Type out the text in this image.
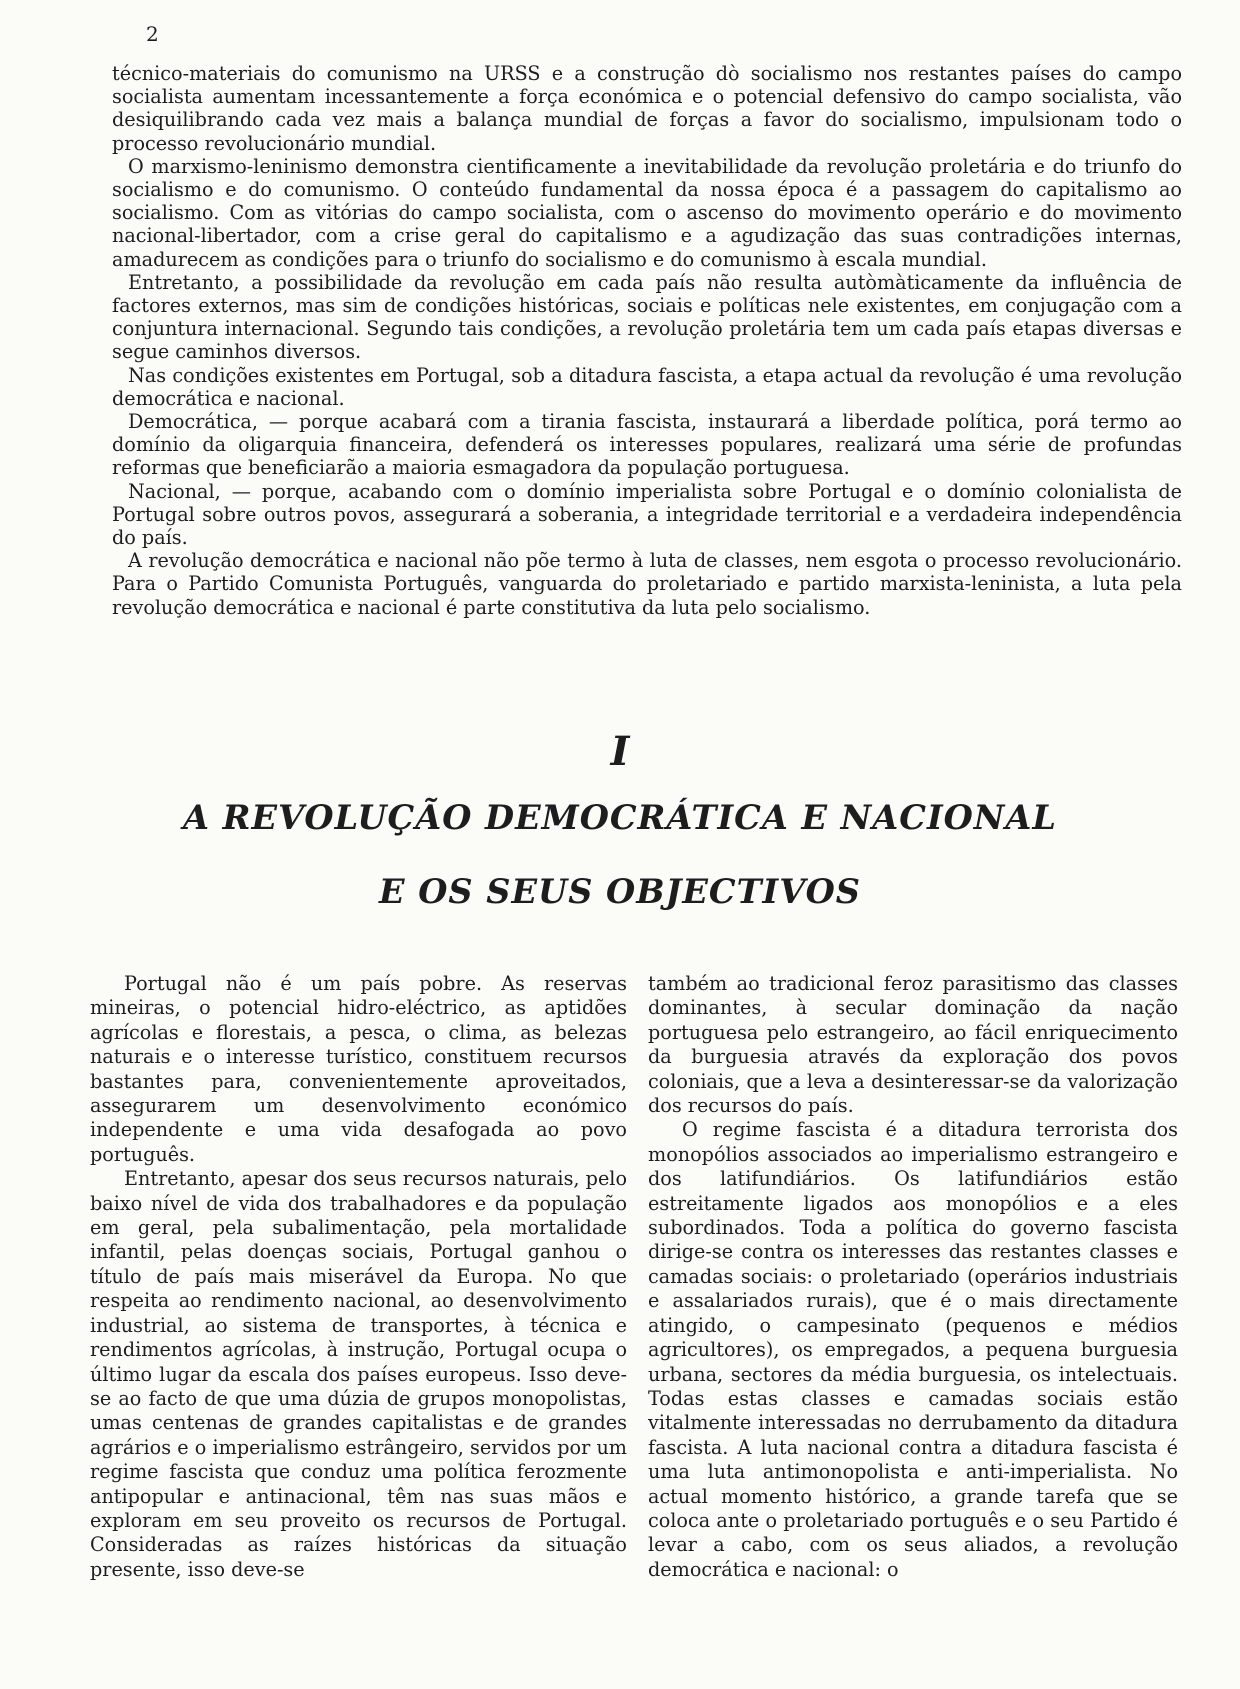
2

técnico-materiais do comunismo na URSS e a construção dò socialismo nos restantes países do campo socialista aumentam incessantemente a força económica e o potencial defensivo do campo socialista, vão desiquilibrando cada vez mais a balança mundial de forças a favor do socialismo, impulsionam todo o processo revolucionário mundial.

O marxismo-leninismo demonstra cientificamente a inevitabilidade da revolução proletária e do triunfo do socialismo e do comunismo. O conteúdo fundamental da nossa época é a passagem do capitalismo ao socialismo. Com as vitórias do campo socialista, com o ascenso do movimento operário e do movimento nacional-libertador, com a crise geral do capitalismo e a agudização das suas contradições internas, amadurecem as condições para o triunfo do socialismo e do comunismo à escala mundial.

Entretanto, a possibilidade da revolução em cada país não resulta autòmàticamente da influência de factores externos, mas sim de condições históricas, sociais e políticas nele existentes, em conjugação com a conjuntura internacional. Segundo tais condições, a revolução proletária tem um cada país etapas diversas e segue caminhos diversos.

Nas condições existentes em Portugal, sob a ditadura fascista, a etapa actual da revolução é uma revolução democrática e nacional.

Democrática, — porque acabará com a tirania fascista, instaurará a liberdade política, porá termo ao domínio da oligarquia financeira, defenderá os interesses populares, realizará uma série de profundas reformas que beneficiarão a maioria esmagadora da população portuguesa.

Nacional, — porque, acabando com o domínio imperialista sobre Portugal e o domínio colonialista de Portugal sobre outros povos, assegurará a soberania, a integridade territorial e a verdadeira independência do país.

A revolução democrática e nacional não põe termo à luta de classes, nem esgota o processo revolucionário. Para o Partido Comunista Português, vanguarda do proletariado e partido marxista-leninista, a luta pela revolução democrática e nacional é parte constitutiva da luta pelo socialismo.

I
A REVOLUÇÃO DEMOCRÁTICA E NACIONAL
E OS SEUS OBJECTIVOS

Portugal não é um país pobre. As reservas mineiras, o potencial hidro-eléctrico, as aptidões agrícolas e florestais, a pesca, o clima, as belezas naturais e o interesse turístico, constituem recursos bastantes para, convenientemente aproveitados, assegurarem um desenvolvimento económico independente e uma vida desafogada ao povo português.

Entretanto, apesar dos seus recursos naturais, pelo baixo nível de vida dos trabalhadores e da população em geral, pela subalimentação, pela mortalidade infantil, pelas doenças sociais, Portugal ganhou o título de país mais miserável da Europa. No que respeita ao rendimento nacional, ao desenvolvimento industrial, ao sistema de transportes, à técnica e rendimentos agrícolas, à instrução, Portugal ocupa o último lugar da escala dos países europeus. Isso deve-se ao facto de que uma dúzia de grupos monopolistas, umas centenas de grandes capitalistas e de grandes agrários e o imperialismo estrângeiro, servidos por um regime fascista que conduz uma política ferozmente antipopular e antinacional, têm nas suas mãos e exploram em seu proveito os recursos de Portugal. Consideradas as raízes históricas da situação presente, isso deve-se

também ao tradicional feroz parasitismo das classes dominantes, à secular dominação da nação portuguesa pelo estrangeiro, ao fácil enriquecimento da burguesia através da exploração dos povos coloniais, que a leva a desinteressar-se da valorização dos recursos do país.

O regime fascista é a ditadura terrorista dos monopólios associados ao imperialismo estrangeiro e dos latifundiários. Os latifundiários estão estreitamente ligados aos monopólios e a eles subordinados. Toda a política do governo fascista dirige-se contra os interesses das restantes classes e camadas sociais: o proletariado (operários industriais e assalariados rurais), que é o mais directamente atingido, o campesinato (pequenos e médios agricultores), os empregados, a pequena burguesia urbana, sectores da média burguesia, os intelectuais. Todas estas classes e camadas sociais estão vitalmente interessadas no derrubamento da ditadura fascista. A luta nacional contra a ditadura fascista é uma luta antimonopolista e anti-imperialista. No actual momento histórico, a grande tarefa que se coloca ante o proletariado português e o seu Partido é levar a cabo, com os seus aliados, a revolução democrática e nacional: o
